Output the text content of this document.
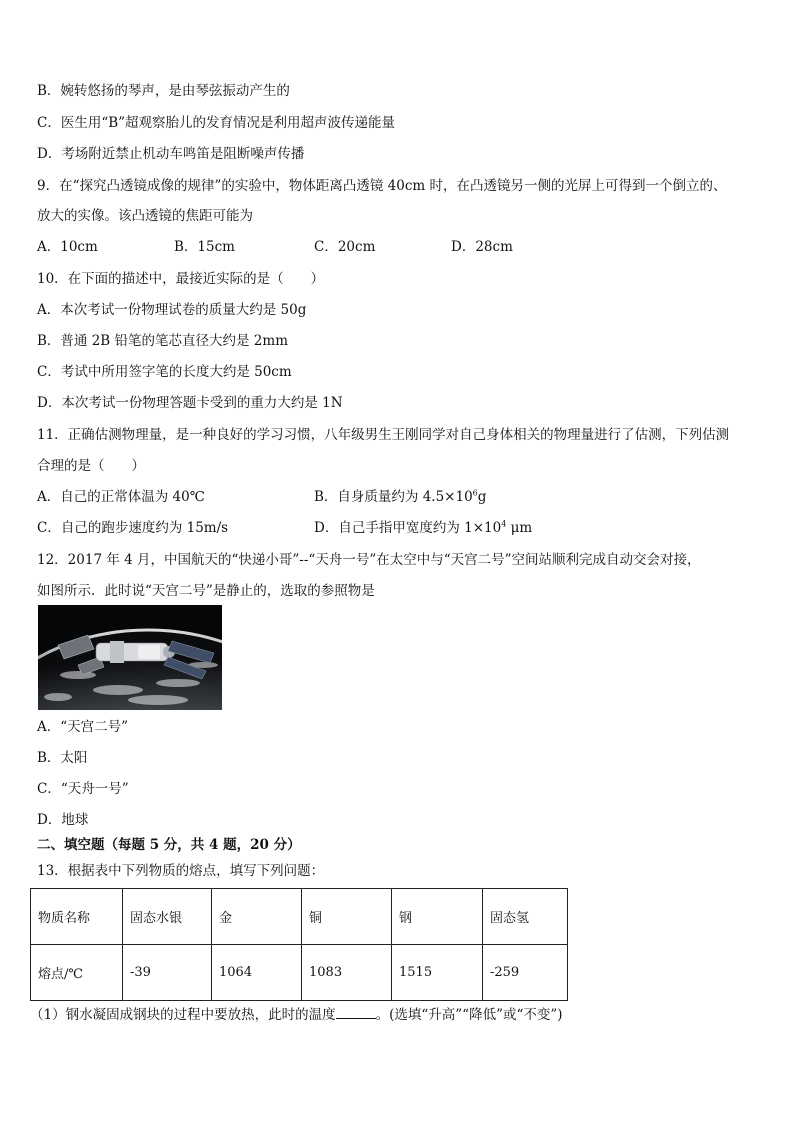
B．婉转悠扬的琴声，是由琴弦振动产生的
C．医生用“B”超观察胎儿的发育情况是利用超声波传递能量
D．考场附近禁止机动车鸣笛是阻断噪声传播
9．在“探究凸透镜成像的规律”的实验中，物体距离凸透镜 40cm 时，在凸透镜另一侧的光屏上可得到一个倒立的、
放大的实像。该凸透镜的焦距可能为
A．10cm	B．15cm	C．20cm	D．28cm
10．在下面的描述中，最接近实际的是（　　）
A．本次考试一份物理试卷的质量大约是 50g
B．普通 2B 铅笔的笔芯直径大约是 2mm
C．考试中所用签字笔的长度大约是 50cm
D．本次考试一份物理答题卡受到的重力大约是 1N
11．正确估测物理量，是一种良好的学习习惯，八年级男生王刚同学对自己身体相关的物理量进行了估测，下列估测
合理的是（　　）
A．自己的正常体温为 40℃	B．自身质量约为 $4.5\times 10^6g$
C．自己的跑步速度约为 15m/s	D．自己手指甲宽度约为 $1\times 10^4$ μm
12．2017 年 4 月，中国航天的“快递小哥”--“天舟一号”在太空中与“天宫二号”空间站顺利完成自动交会对接，
如图所示．此时说“天宫二号”是静止的，选取的参照物是
A．“天宫二号”
B．太阳
C．“天舟一号”
D．地球
二、填空题（每题 5 分，共 4 题，20 分）
13．根据表中下列物质的熔点，填写下列问题：
物质名称	固态水银	金	铜	钢	固态氢
熔点/℃	-39	1064	1083	1515	-259
（1）钢水凝固成钢块的过程中要放热，此时的温度	。(选填“升高”“降低”或“不变”)
